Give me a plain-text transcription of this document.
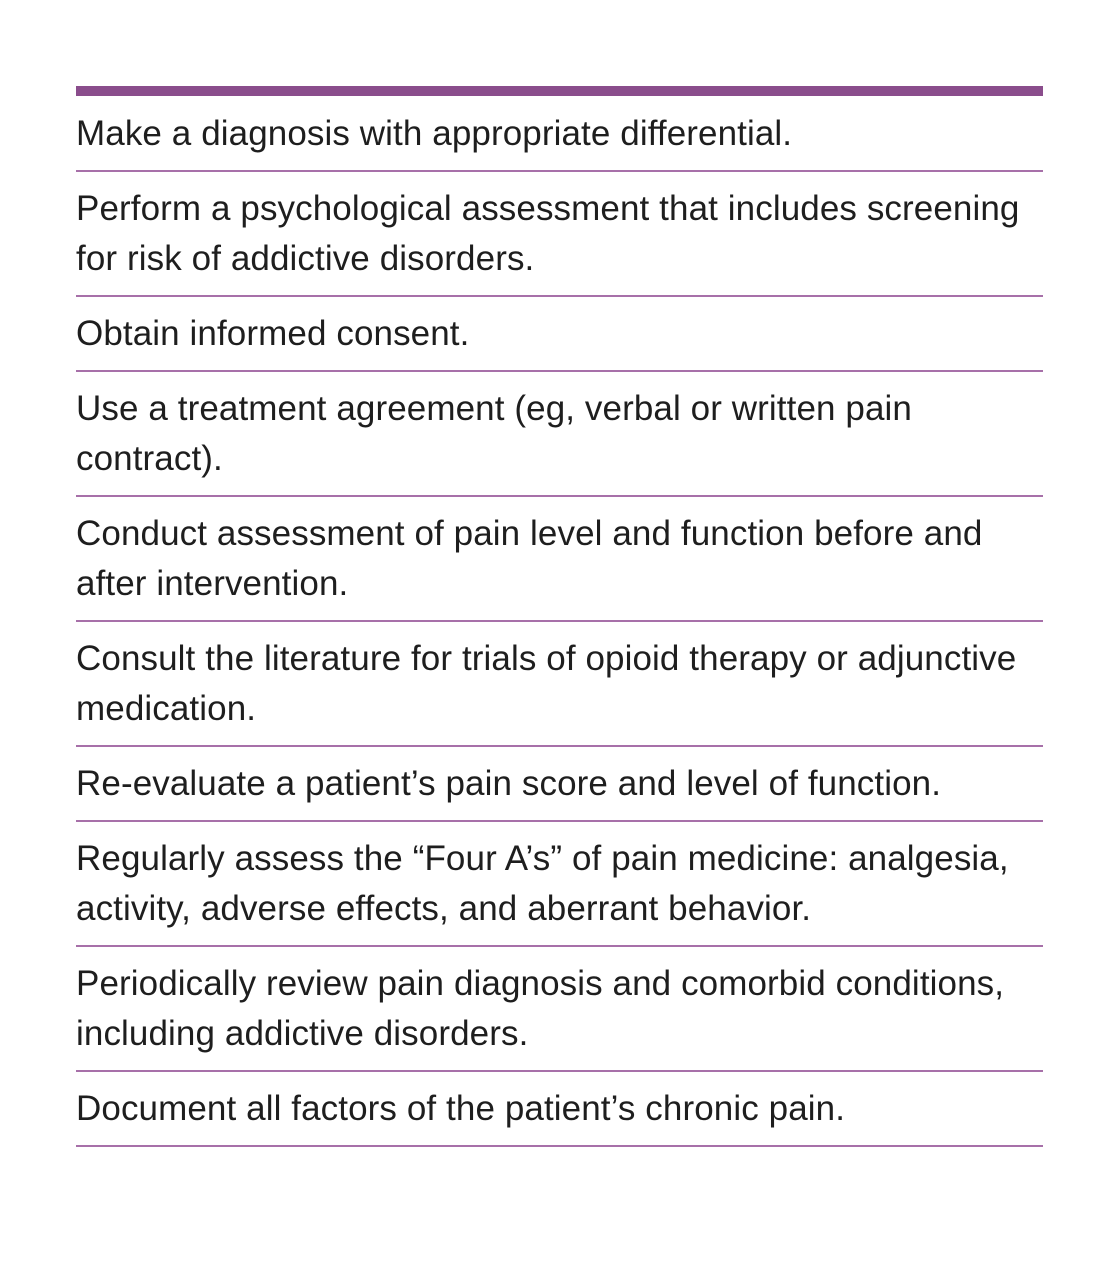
Make a diagnosis with appropriate differential.
Perform a psychological assessment that includes screening for risk of addictive disorders.
Obtain informed consent.
Use a treatment agreement (eg, verbal or written pain contract).
Conduct assessment of pain level and function before and after intervention.
Consult the literature for trials of opioid therapy or adjunctive medication.
Re-evaluate a patient’s pain score and level of function.
Regularly assess the “Four A’s” of pain medicine: analgesia, activity, adverse effects, and aberrant behavior.
Periodically review pain diagnosis and comorbid conditions, including addictive disorders.
Document all factors of the patient’s chronic pain.
